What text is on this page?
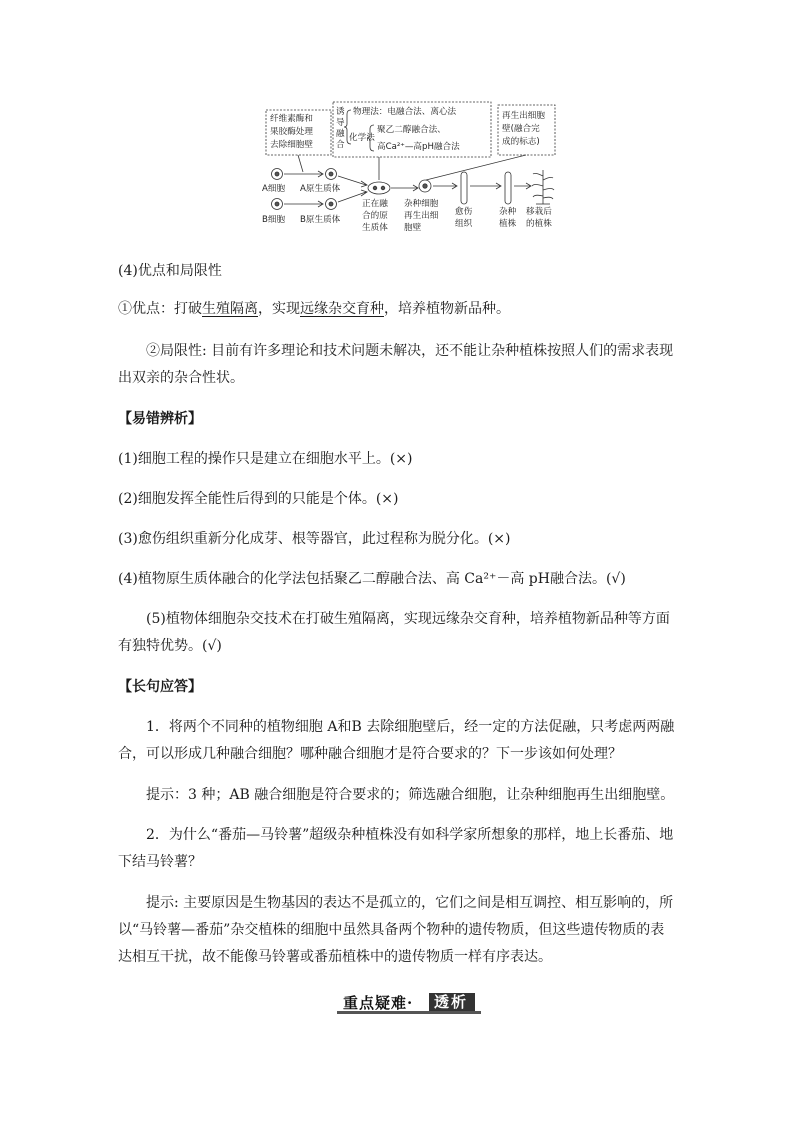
纤维素酶和
果胶酶处理
去除细胞壁
诱
导
融
合
物理法：电融合法、离心法
化学法
聚乙二醇融合法、
高Ca²⁺—高pH融合法
再生出细胞
壁(融合完
成的标志)
A细胞 A原生质体
B细胞 B原生质体
正在融
合的原
生质体
杂种细胞
再生出细
胞壁
愈伤
组织
杂种
植株
移栽后
的植株

(4)优点和局限性

①优点：打破生殖隔离，实现远缘杂交育种，培养植物新品种。

②局限性: 目前有许多理论和技术问题未解决，还不能让杂种植株按照人们的需求表现出双亲的杂合性状。

【易错辨析】

(1)细胞工程的操作只是建立在细胞水平上。(×)

(2)细胞发挥全能性后得到的只能是个体。(×)

(3)愈伤组织重新分化成芽、根等器官，此过程称为脱分化。(×)

(4)植物原生质体融合的化学法包括聚乙二醇融合法、高 Ca²⁺－高 pH融合法。(√)

(5)植物体细胞杂交技术在打破生殖隔离，实现远缘杂交育种，培养植物新品种等方面有独特优势。(√)

【长句应答】

1．将两个不同种的植物细胞 A和B 去除细胞壁后，经一定的方法促融，只考虑两两融合，可以形成几种融合细胞？哪种融合细胞才是符合要求的？下一步该如何处理？

提示：3 种；AB 融合细胞是符合要求的；筛选融合细胞，让杂种细胞再生出细胞壁。

2．为什么“番茄—马铃薯”超级杂种植株没有如科学家所想象的那样，地上长番茄、地下结马铃薯？

提示: 主要原因是生物基因的表达不是孤立的，它们之间是相互调控、相互影响的，所以“马铃薯—番茄”杂交植株的细胞中虽然具备两个物种的遗传物质，但这些遗传物质的表达相互干扰，故不能像马铃薯或番茄植株中的遗传物质一样有序表达。

重点疑难· 透析
